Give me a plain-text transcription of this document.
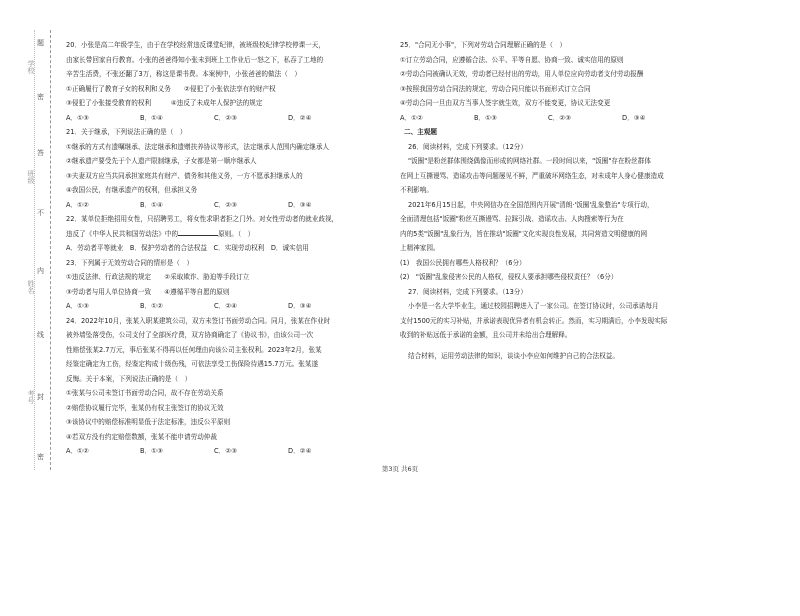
题
密
答
不
内
线
封
密
学校
班级
姓名
考号
20．小张是高二年级学生，由于在学校经常违反课堂纪律，被班级校纪律学校停课一天，
由家长带回家自行教育。小张的爸爸得知小张未到班上工作业后一怒之下，私吞了工地的
辛苦生活费，不张还翻了3万，称这是课书费。本案例中，小张爸爸的做法（　）
①正确履行了教育子女的权利和义务　　②侵犯了小张依法享有的财产权
③侵犯了小张接受教育的权利　　　④违反了未成年人保护法的规定
A．①③	B．①④	C．②③	D．②④
21．关于继承，下列说法正确的是（　）
①继承的方式有遗嘱继承、法定继承和遗赠扶养协议等形式，法定继承人范围内确定继承人
②继承遗产要受先于个人遗产限制继承，子女都是第一顺序继承人
③夫妻双方应当共同承担家庭共有财产、债务和其他义务，一方不愿承担继承人的
④我国公民，有继承遗产的权利，但承担义务
A．①②	B．①④	C．②③	D．③④
22．某单位拒绝招用女性，只招聘男工，将女性求职者拒之门外。对女性劳动者的就业歧视，
违反了《中华人民共和国劳动法》中的	原则。（　）
A．劳动者平等就业　B．保护劳动者的合法权益　C．实现劳动权利　D．诚实信用
23．下列属于无效劳动合同的情形是（　）
①违反法律、行政法规的规定　　②采取欺诈、胁迫等手段订立
③劳动者与用人单位协商一致　　④遵循平等自愿的原则
A．①③	B．①②	C．②④	D．③④
24．2022年10月，张某入职某建筑公司，双方未签订书面劳动合同。同月，张某在作业时
被外墙坠落受伤，公司支付了全部医疗费，双方协商确定了《协议书》，由该公司一次
性赔偿张某2.7万元，事后张某不得再以任何理由向该公司主张权利。2023年2月，张某
经鉴定确定为工伤，经鉴定构成十级伤残，可依法享受工伤保险待遇15.7万元。张某遂
反悔。关于本案，下列说法正确的是（　）
①张某与公司未签订书面劳动合同，故不存在劳动关系
②赔偿协议履行完毕，张某仍有权主张签订的协议无效
③该协议中的赔偿标准明显低于法定标准，违反公平原则
④若双方没有约定赔偿数额，张某不能申请劳动仲裁
A．①②	B．①③	C．②③	D．②④
25．"合同无小事"，下列对劳动合同理解正确的是（　）
①订立劳动合同，应遵循合法、公平、平等自愿、协商一致、诚实信用的原则
②劳动合同被确认无效，劳动者已经付出的劳动，用人单位应向劳动者支付劳动报酬
③按照我国劳动合同法的规定，劳动合同只能以书面形式订立合同
④劳动合同一旦由双方当事人签字就生效，双方不能变更，协议无法变更
A．①②	B．①③	C．②③	D．③④
二、主观题
26．阅读材料，完成下列要求。（12分）
"饭圈"是粉丝群体围绕偶像而形成的网络社群。一段时间以来，"饭圈"存在粉丝群体
在网上互撕谩骂、造谣攻击等问题屡见不鲜，严重破坏网络生态，对未成年人身心健康造成
不利影响。
2021年6月15日起，中央网信办在全国范围内开展"清朗·'饭圈'乱象整治"专项行动，
全面清理包括"饭圈"粉丝互撕谩骂、拉踩引战、造谣攻击、人肉搜索等行为在
内的5类"饭圈"乱象行为，旨在推动"饭圈"文化实现良性发展，共同营造文明健康的网
上精神家园。
(1)　我国公民拥有哪些人格权利？（6分）
(2)　"饭圈"乱象侵害公民的人格权，侵权人要承担哪些侵权责任？（6分）
27．阅读材料，完成下列要求。（13分）
小李是一名大学毕业生，通过校园招聘进入了一家公司。在签订协议时，公司承诺每月
支付1500元的实习补贴，并承诺表现优异者有机会转正。然而，实习期满后，小李发现实际
收到的补贴远低于承诺的金额，且公司并未给出合理解释。
结合材料，运用劳动法律的知识，谈谈小李应如何维护自己的合法权益。
第3页 共6页
